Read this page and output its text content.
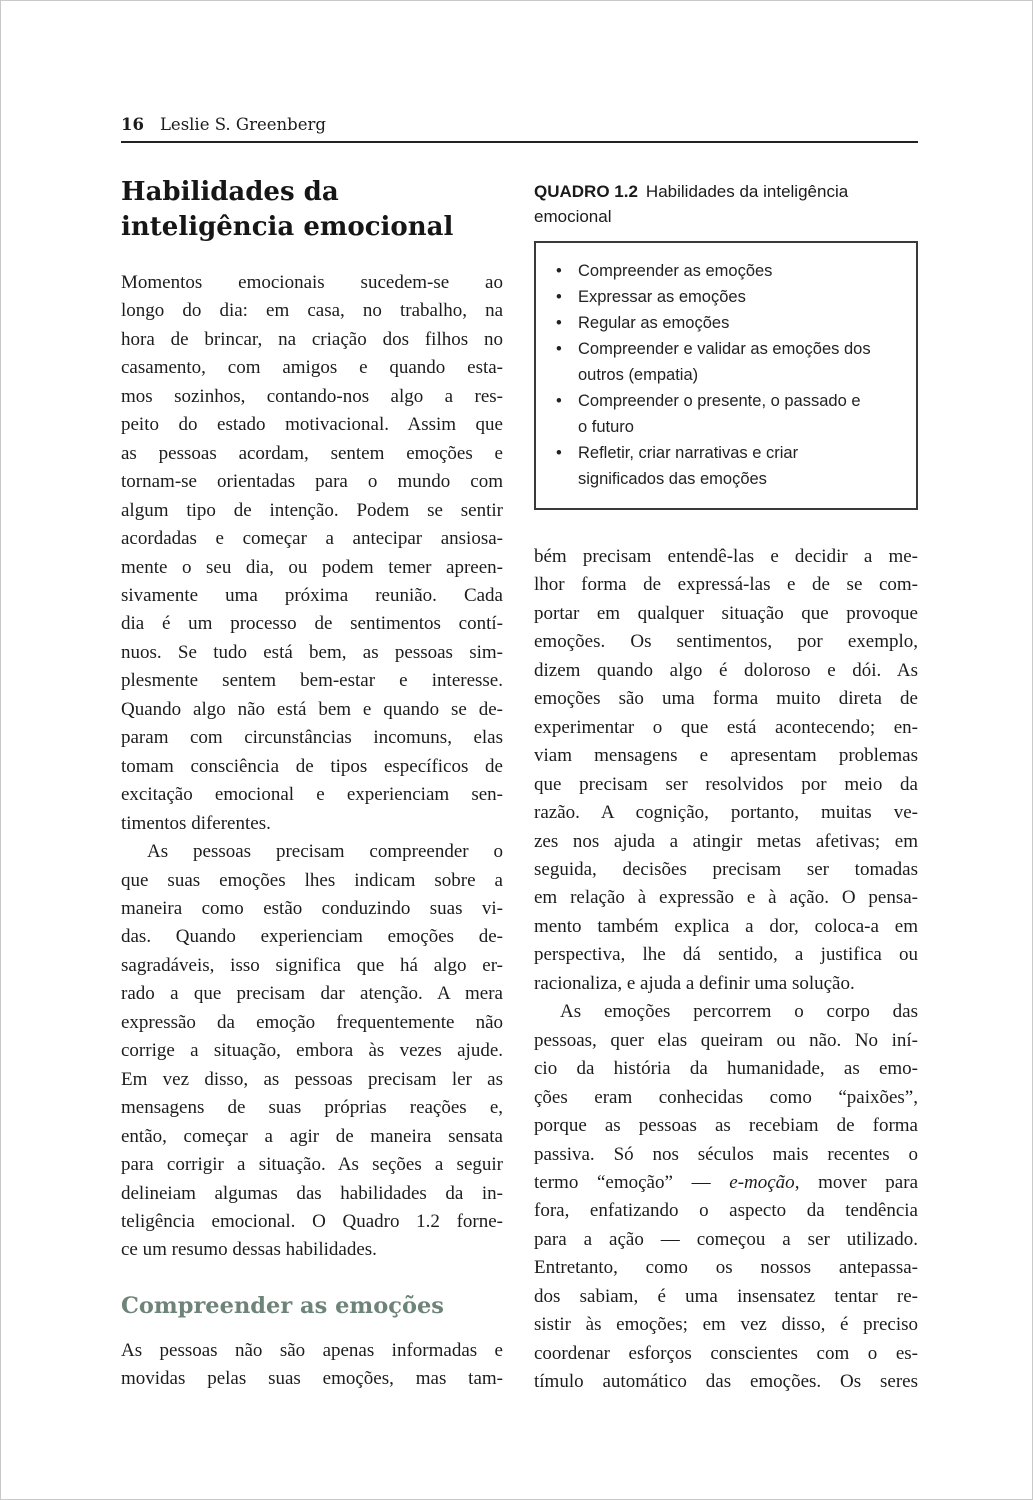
16 Leslie S. Greenberg
Habilidades da
inteligência emocional
Momentos emocionais sucedem-se ao
longo do dia: em casa, no trabalho, na
hora de brincar, na criação dos filhos no
casamento, com amigos e quando esta-
mos sozinhos, contando-nos algo a res-
peito do estado motivacional. Assim que
as pessoas acordam, sentem emoções e
tornam-se orientadas para o mundo com
algum tipo de intenção. Podem se sentir
acordadas e começar a antecipar ansiosa-
mente o seu dia, ou podem temer apreen-
sivamente uma próxima reunião. Cada
dia é um processo de sentimentos contí-
nuos. Se tudo está bem, as pessoas sim-
plesmente sentem bem-estar e interesse.
Quando algo não está bem e quando se de-
param com circunstâncias incomuns, elas
tomam consciência de tipos específicos de
excitação emocional e experienciam sen-
timentos diferentes.
As pessoas precisam compreender o
que suas emoções lhes indicam sobre a
maneira como estão conduzindo suas vi-
das. Quando experienciam emoções de-
sagradáveis, isso significa que há algo er-
rado a que precisam dar atenção. A mera
expressão da emoção frequentemente não
corrige a situação, embora às vezes ajude.
Em vez disso, as pessoas precisam ler as
mensagens de suas próprias reações e,
então, começar a agir de maneira sensata
para corrigir a situação. As seções a seguir
delineiam algumas das habilidades da in-
teligência emocional. O Quadro 1.2 forne-
ce um resumo dessas habilidades.
Compreender as emoções
As pessoas não são apenas informadas e
movidas pelas suas emoções, mas tam-
QUADRO 1.2 Habilidades da inteligência emocional
• Compreender as emoções
• Expressar as emoções
• Regular as emoções
• Compreender e validar as emoções dos
outros (empatia)
• Compreender o presente, o passado e
o futuro
• Refletir, criar narrativas e criar
significados das emoções
bém precisam entendê-las e decidir a me-
lhor forma de expressá-las e de se com-
portar em qualquer situação que provoque
emoções. Os sentimentos, por exemplo,
dizem quando algo é doloroso e dói. As
emoções são uma forma muito direta de
experimentar o que está acontecendo; en-
viam mensagens e apresentam problemas
que precisam ser resolvidos por meio da
razão. A cognição, portanto, muitas ve-
zes nos ajuda a atingir metas afetivas; em
seguida, decisões precisam ser tomadas
em relação à expressão e à ação. O pensa-
mento também explica a dor, coloca-a em
perspectiva, lhe dá sentido, a justifica ou
racionaliza, e ajuda a definir uma solução.
As emoções percorrem o corpo das
pessoas, quer elas queiram ou não. No iní-
cio da história da humanidade, as emo-
ções eram conhecidas como “paixões”,
porque as pessoas as recebiam de forma
passiva. Só nos séculos mais recentes o
termo “emoção” — e-moção, mover para
fora, enfatizando o aspecto da tendência
para a ação — começou a ser utilizado.
Entretanto, como os nossos antepassa-
dos sabiam, é uma insensatez tentar re-
sistir às emoções; em vez disso, é preciso
coordenar esforços conscientes com o es-
tímulo automático das emoções. Os seres
